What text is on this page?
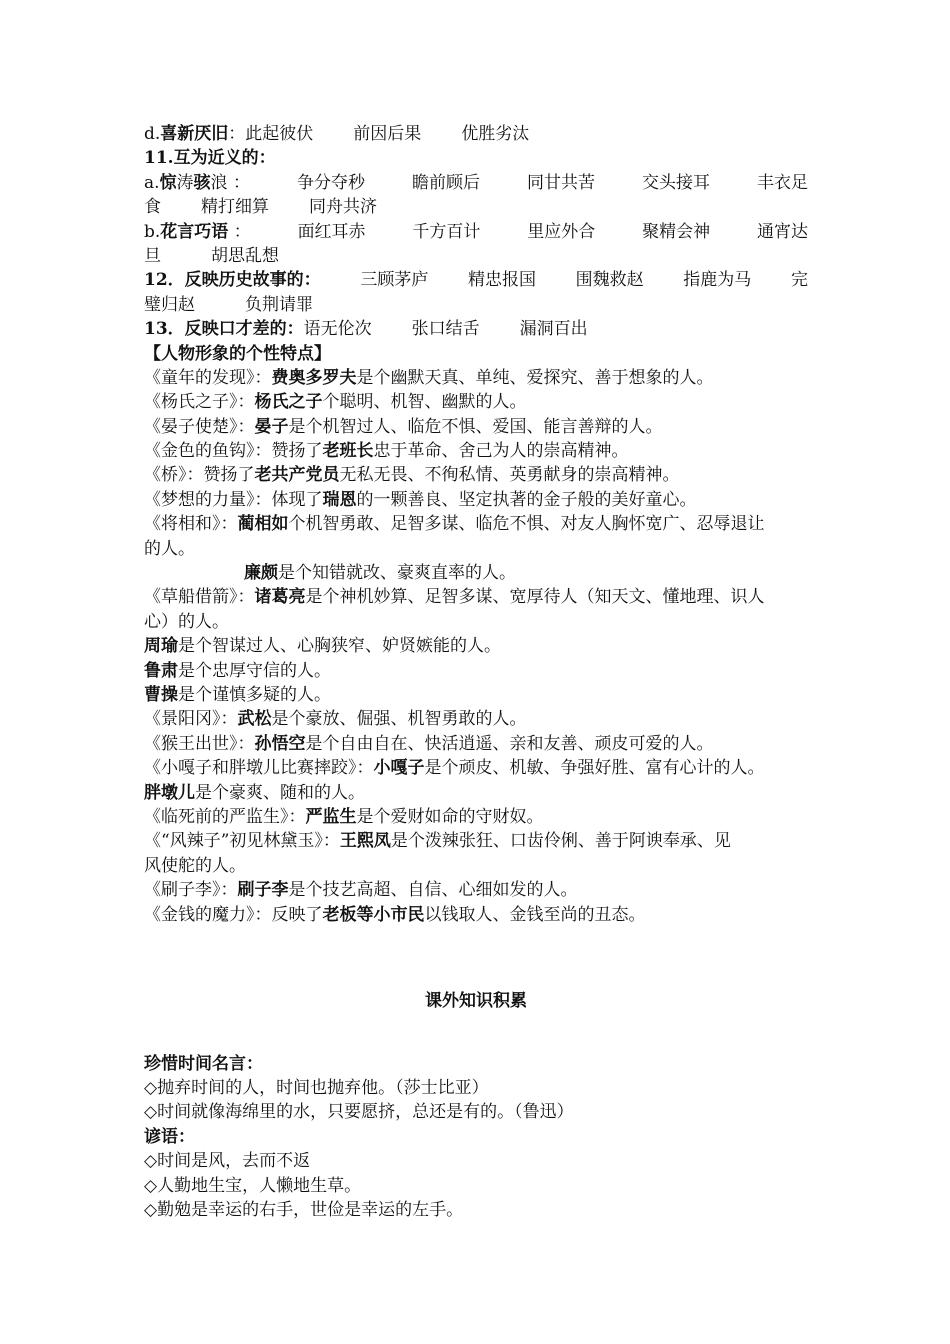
d.喜新厌旧：此起彼伏 前因后果 优胜劣汰
11.互为近义的：
a.惊涛骇浪 ：	争分夺秒	瞻前顾后	同甘共苦	交头接耳	丰衣足
食 精打细算 同舟共济
b.花言巧语 ：	面红耳赤	千方百计	里应外合	聚精会神	通宵达
旦	胡思乱想
12．反映历史故事的： 三顾茅庐 精忠报国 围魏救赵 指鹿为马 完
璧归赵	负荆请罪
13．反映口才差的：语无伦次 张口结舌 漏洞百出
【人物形象的个性特点】
《童年的发现》：费奥多罗夫是个幽默天真、单纯、爱探究、善于想象的人。
《杨氏之子》：杨氏之子个聪明、机智、幽默的人。
《晏子使楚》：晏子是个机智过人、临危不惧、爱国、能言善辩的人。
《金色的鱼钩》：赞扬了老班长忠于革命、舍己为人的崇高精神。
《桥》：赞扬了老共产党员无私无畏、不徇私情、英勇献身的崇高精神。
《梦想的力量》：体现了瑞恩的一颗善良、坚定执著的金子般的美好童心。
《将相和》：蔺相如个机智勇敢、足智多谋、临危不惧、对友人胸怀宽广、忍辱退让
的人。
廉颇是个知错就改、豪爽直率的人。
《草船借箭》：诸葛亮是个神机妙算、足智多谋、宽厚待人（知天文、懂地理、识人
心）的人。
周瑜是个智谋过人、心胸狭窄、妒贤嫉能的人。
鲁肃是个忠厚守信的人。
曹操是个谨慎多疑的人。
《景阳冈》：武松是个豪放、倔强、机智勇敢的人。
《猴王出世》：孙悟空是个自由自在、快活逍遥、亲和友善、顽皮可爱的人。
《小嘎子和胖墩儿比赛摔跤》：小嘎子是个顽皮、机敏、争强好胜、富有心计的人。
胖墩儿是个豪爽、随和的人。
《临死前的严监生》：严监生是个爱财如命的守财奴。
《“风辣子”初见林黛玉》：王熙凤是个泼辣张狂、口齿伶俐、善于阿谀奉承、见
风使舵的人。
《刷子李》：刷子李是个技艺高超、自信、心细如发的人。
《金钱的魔力》：反映了老板等小市民以钱取人、金钱至尚的丑态。
课外知识积累
珍惜时间名言：
◇抛弃时间的人，时间也抛弃他。（莎士比亚）
◇时间就像海绵里的水，只要愿挤，总还是有的。（鲁迅）
谚语：
◇时间是风，去而不返
◇人勤地生宝，人懒地生草。
◇勤勉是幸运的右手，世俭是幸运的左手。
